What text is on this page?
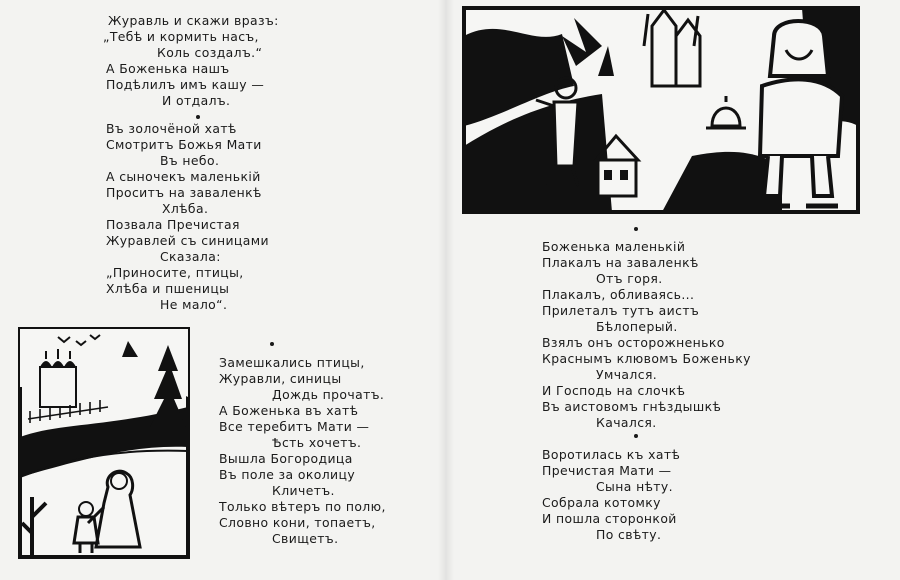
Журавль и скажи вразъ:
„Тебѣ и кормить насъ,
Коль создалъ.“
А Боженька нашъ
Подѣлилъ имъ кашу —
И отдалъ.
Въ золочёной хатѣ
Смотритъ Божья Мати
Въ небо.
А сыночекъ маленькій
Проситъ на заваленкѣ
Хлѣба.
Позвала Пречистая
Журавлей съ синицами
Сказала:
„Приносите, птицы,
Хлѣба и пшеницы
Не мало“.
Замешкались птицы,
Журавли, синицы
Дождь прочатъ.
А Боженька въ хатѣ
Все теребитъ Мати —
Ѣсть хочетъ.
Вышла Богородица
Въ поле за околицу
Кличетъ.
Только вѣтеръ по полю,
Словно кони, топаетъ,
Свищетъ.
Боженька маленькій
Плакалъ на заваленкѣ
Отъ горя.
Плакалъ, обливаясь...
Прилеталъ тутъ аистъ
Бѣлоперый.
Взялъ онъ осторожненько
Краснымъ клювомъ Боженьку
Умчался.
И Господь на слочкѣ
Въ аистовомъ гнѣздышкѣ
Качался.
Воротилась къ хатѣ
Пречистая Мати —
Сына нѣту.
Собрала котомку
И пошла сторонкой
По свѣту.
